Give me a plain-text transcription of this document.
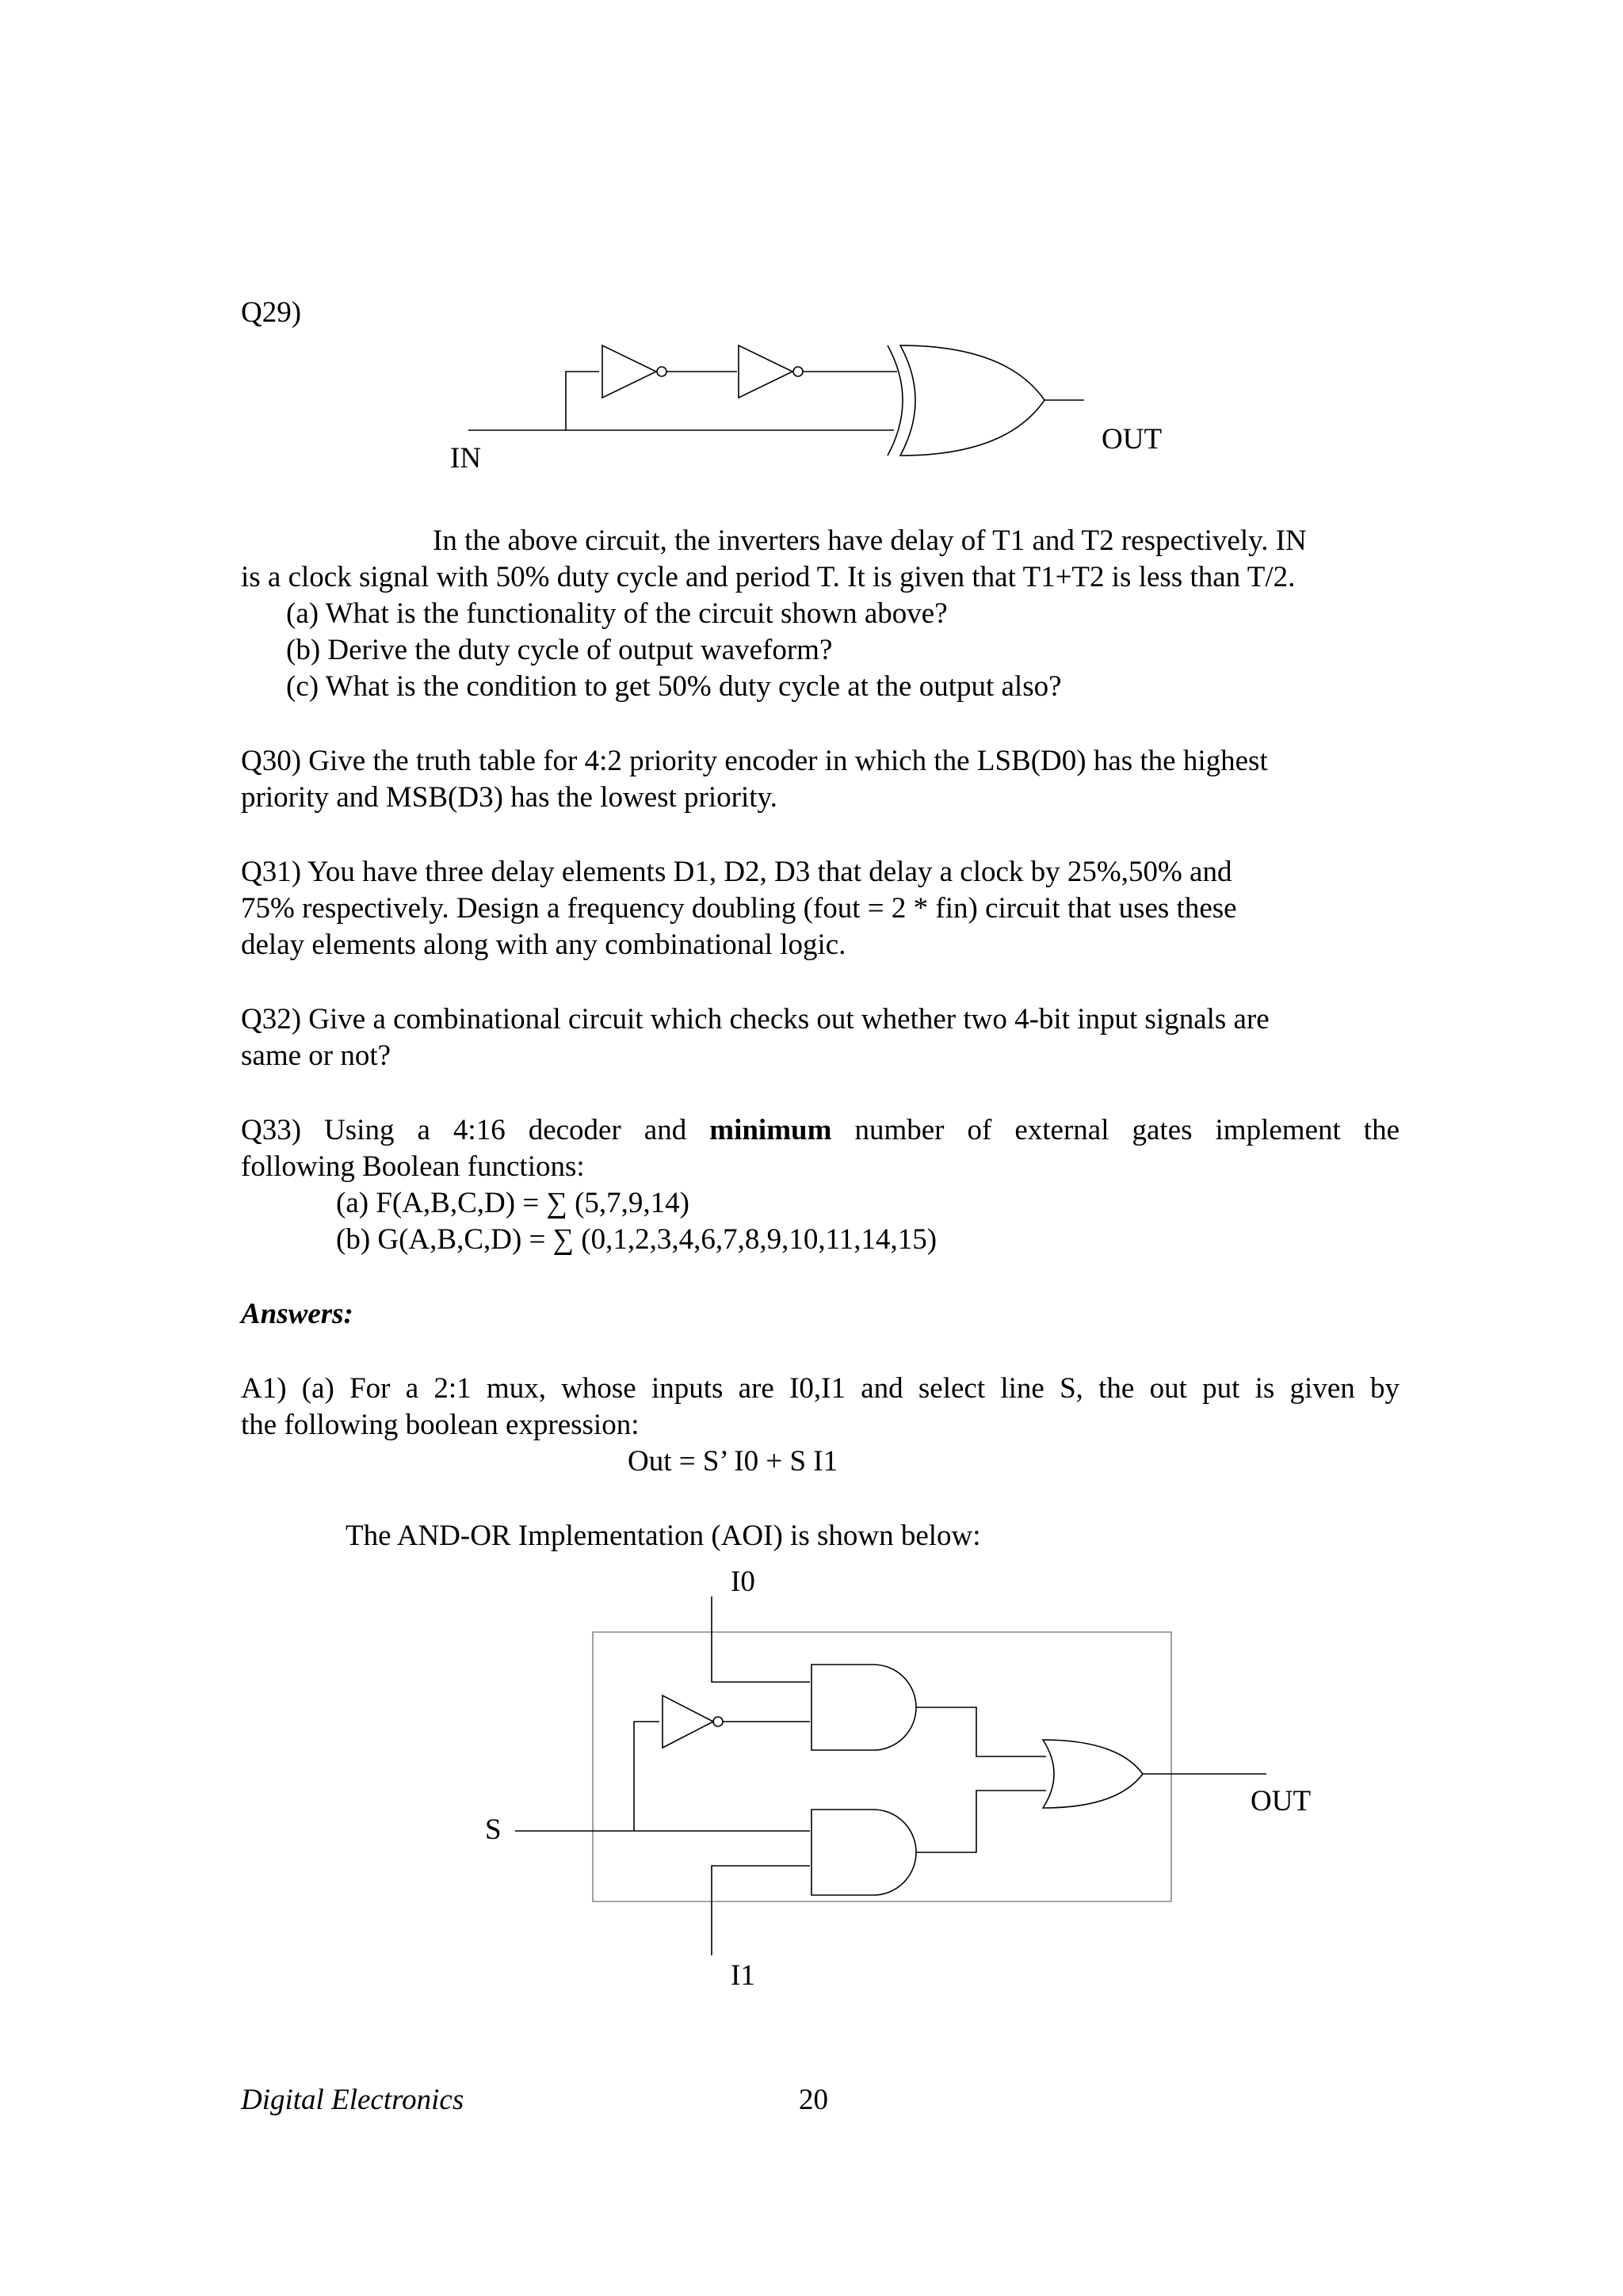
Q29)
IN
OUT
In the above circuit, the inverters have delay of T1 and T2 respectively. IN
is a clock signal with 50% duty cycle and period T. It is given that T1+T2 is less than T/2.
(a) What is the functionality of the circuit shown above?
(b) Derive the duty cycle of output waveform?
(c) What is the condition to get 50% duty cycle at the output also?
Q30) Give the truth table for 4:2 priority encoder in which the LSB(D0) has the highest
priority and MSB(D3) has the lowest priority.
Q31) You have three delay elements D1, D2, D3 that delay a clock by 25%,50% and
75% respectively. Design a frequency doubling (fout = 2 * fin) circuit that uses these
delay elements along with any combinational logic.
Q32) Give a combinational circuit which checks out whether two 4-bit input signals are
same or not?
Q33) Using a 4:16 decoder and minimum number of external gates implement the
following Boolean functions:
(a) F(A,B,C,D) = ∑ (5,7,9,14)
(b) G(A,B,C,D) = ∑ (0,1,2,3,4,6,7,8,9,10,11,14,15)
Answers:
A1) (a) For a 2:1 mux, whose inputs are I0,I1 and select line S, the out put is given by
the following boolean expression:
Out = S’ I0 + S I1
The AND-OR Implementation (AOI) is shown below:
I0
I1
S
OUT
Digital Electronics	20
